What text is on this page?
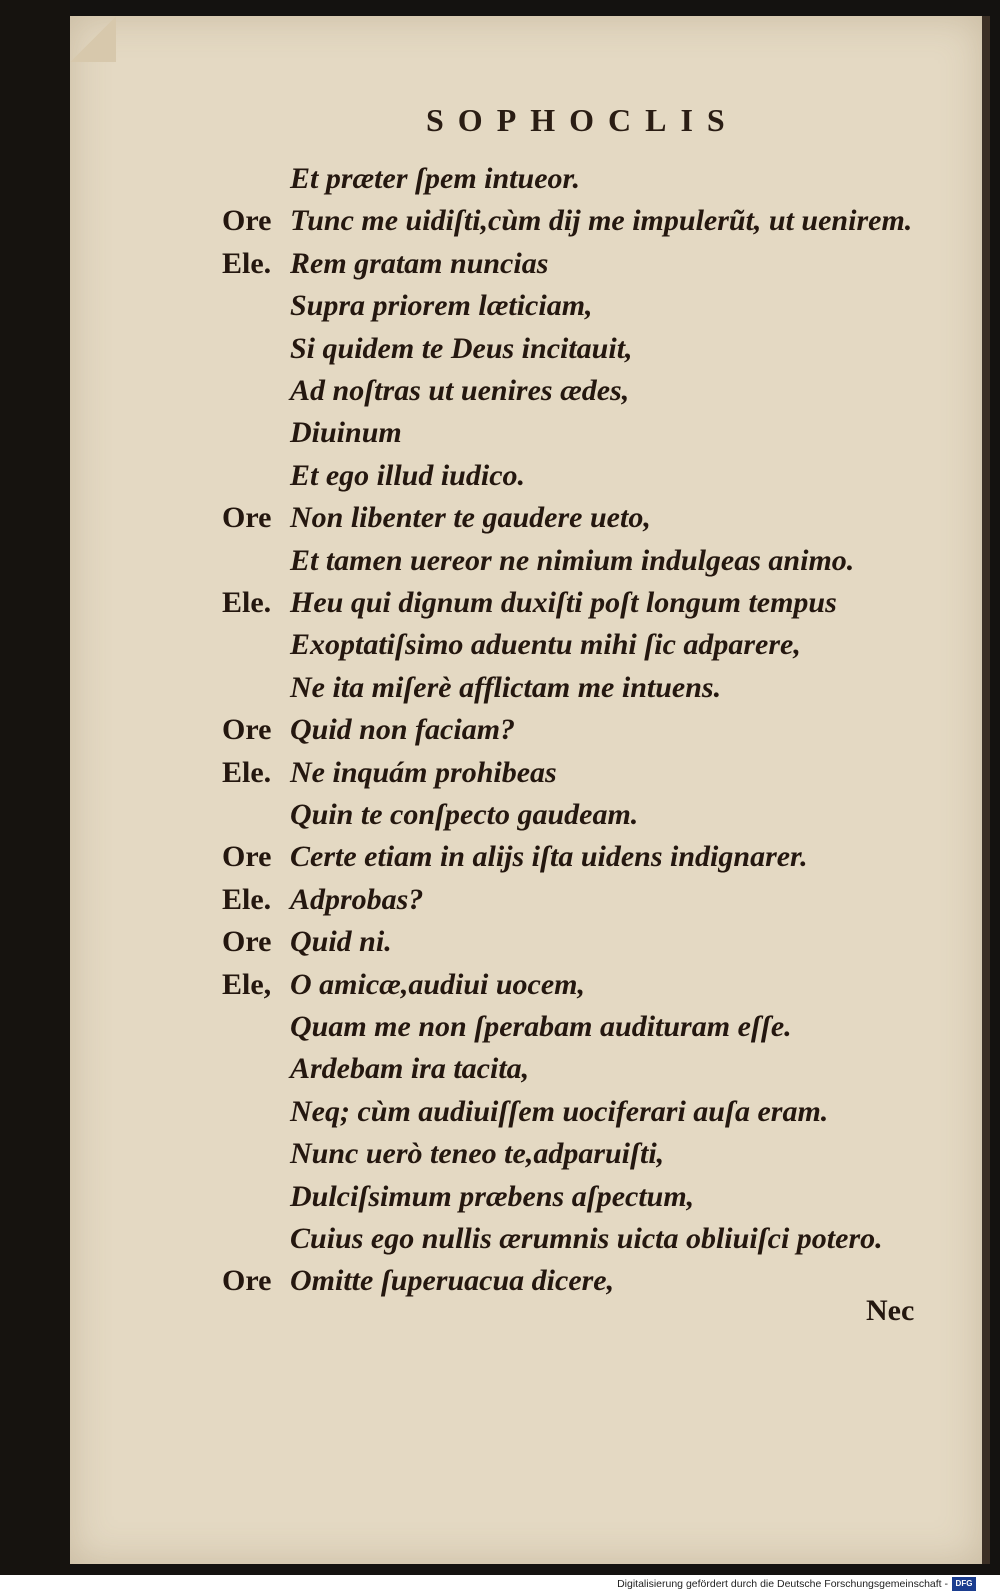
SOPHOCLIS
Et præter ſpem intueor.
Ore Tunc me uidiſti,cùm dij me impulerũt, ut uenirem.
Ele. Rem gratam nuncias
Supra priorem læticiam,
Si quidem te Deus incitauit,
Ad noſtras ut uenires ædes,
Diuinum
Et ego illud iudico.
Ore Non libenter te gaudere ueto,
Et tamen uereor ne nimium indulgeas animo.
Ele. Heu qui dignum duxiſti poſt longum tempus
Exoptatiſsimo aduentu mihi ſic adparere,
Ne ita miſerè afflictam me intuens.
Ore Quid non faciam?
Ele. Ne inquám prohibeas
Quin te conſpecto gaudeam.
Ore Certe etiam in alijs iſta uidens indignarer.
Ele. Adprobas?
Ore Quid ni.
Ele, O amicæ,audiui uocem,
Quam me non ſperabam audituram eſſe.
Ardebam ira tacita,
Neq; cùm audiuiſſem uociferari auſa eram.
Nunc uerò teneo te,adparuiſti,
Dulciſsimum præbens aſpectum,
Cuius ego nullis ærumnis uicta obliuiſci potero.
Ore Omitte ſuperuacua dicere,
Nec
Digitalisierung gefördert durch die Deutsche Forschungsgemeinschaft - DFG
